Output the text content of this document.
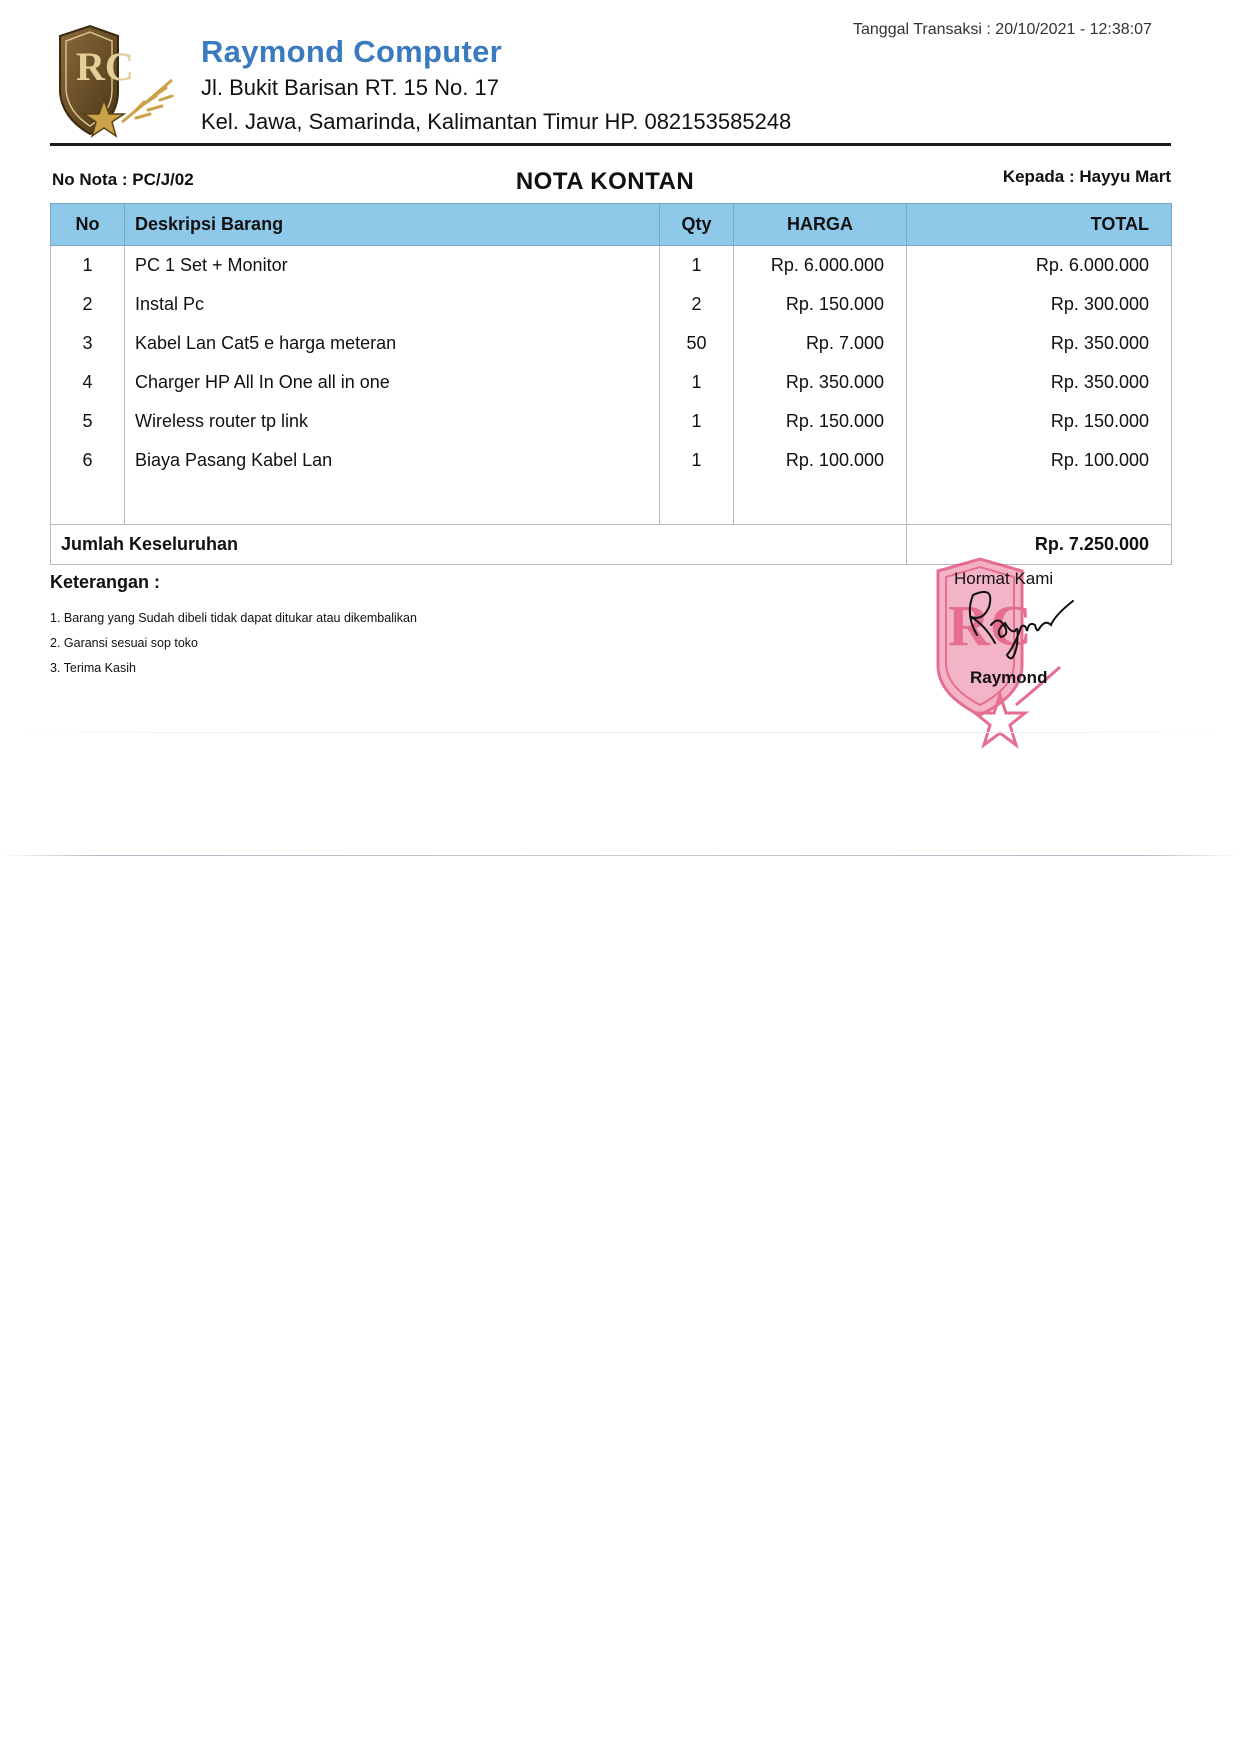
RC Raymond Computer
Jl. Bukit Barisan RT. 15 No. 17
Kel. Jawa, Samarinda, Kalimantan Timur HP. 082153585248
Tanggal Transaksi : 20/10/2021 - 12:38:07
No Nota : PC/J/02	NOTA KONTAN	Kepada : Hayyu Mart
No	Deskripsi Barang	Qty	HARGA	TOTAL
1	PC 1 Set + Monitor	1	Rp. 6.000.000	Rp. 6.000.000
2	Instal Pc	2	Rp. 150.000	Rp. 300.000
3	Kabel Lan Cat5 e harga meteran	50	Rp. 7.000	Rp. 350.000
4	Charger HP All In One all in one	1	Rp. 350.000	Rp. 350.000
5	Wireless router tp link	1	Rp. 150.000	Rp. 150.000
6	Biaya Pasang Kabel Lan	1	Rp. 100.000	Rp. 100.000

Jumlah Keseluruhan				Rp. 7.250.000
Keterangan :
1. Barang yang Sudah dibeli tidak dapat ditukar atau dikembalikan
2. Garansi sesuai sop toko
3. Terima Kasih
RC
Hormat Kami
Raymond
